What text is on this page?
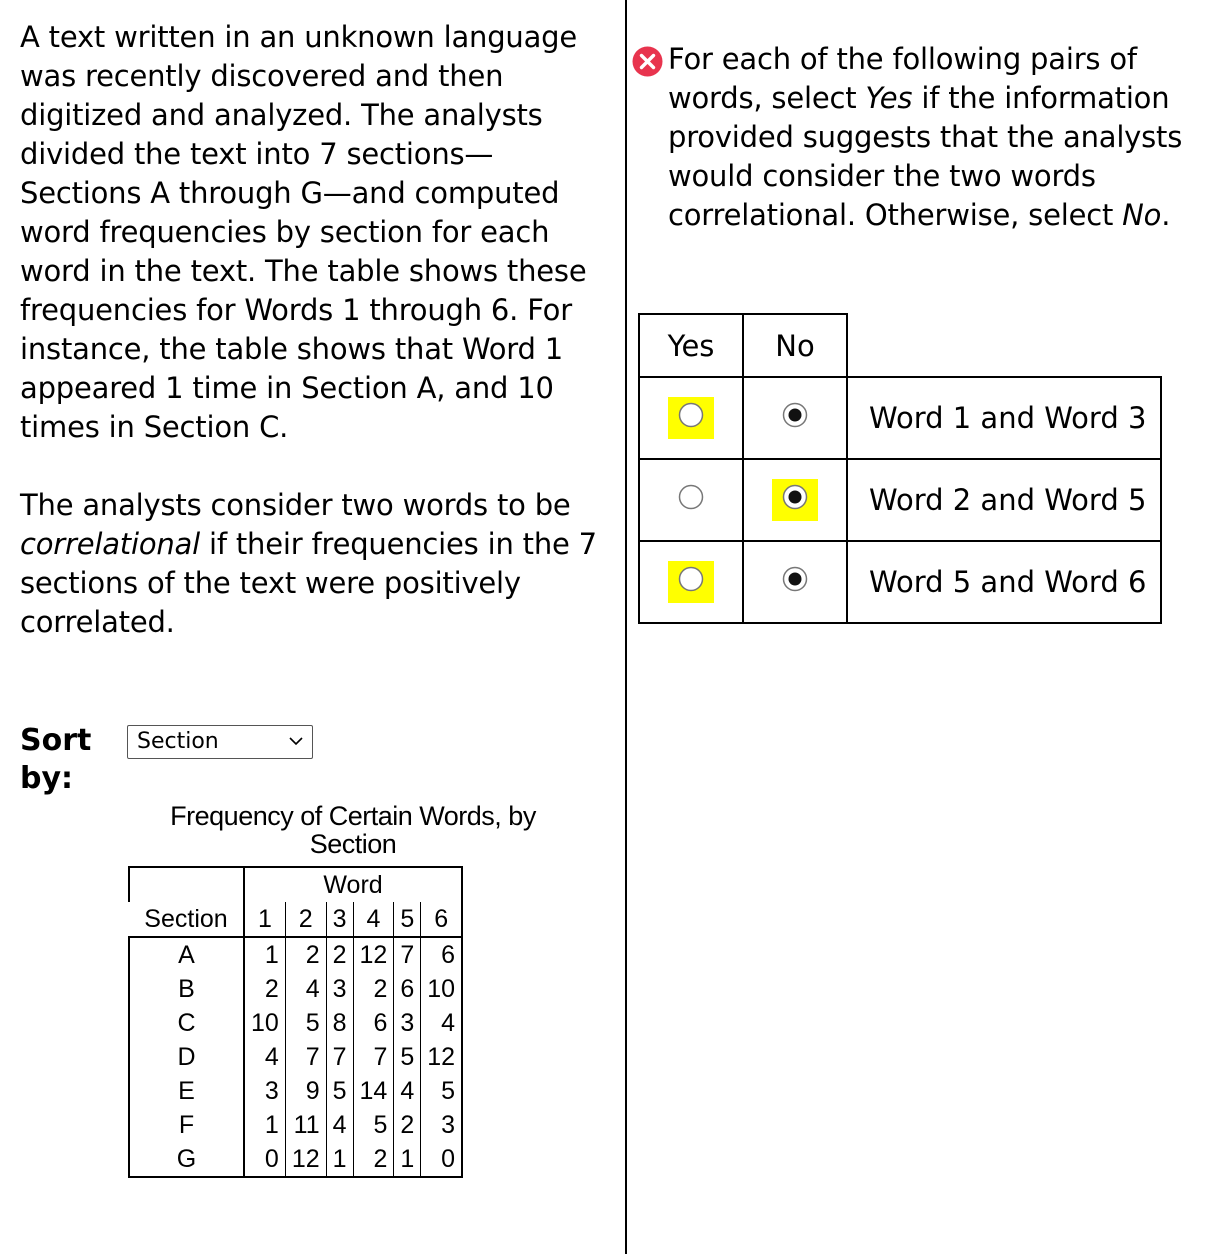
A text written in an unknown language was recently discovered and then digitized and analyzed. The analysts divided the text into 7 sections— Sections A through G—and computed word frequencies by section for each word in the text. The table shows these frequencies for Words 1 through 6. For instance, the table shows that Word 1 appeared 1 time in Section A, and 10 times in Section C.

The analysts consider two words to be correlational if their frequencies in the 7 sections of the text were positively correlated.

Sort by:
Section
Frequency of Certain Words, by Section
	Word					
Section	1	2	3	4	5	6
A	1	2	2	12	7	6
B	2	4	3	2	6	10
C	10	5	8	6	3	4
D	4	7	7	7	5	12
E	3	9	5	14	4	5
F	1	11	4	5	2	3
G	0	12	1	2	1	0
For each of the following pairs of words, select Yes if the information provided suggests that the analysts would consider the two words correlational. Otherwise, select No.
Yes	No	
		Word 1 and Word 3
		Word 2 and Word 5
		Word 5 and Word 6
